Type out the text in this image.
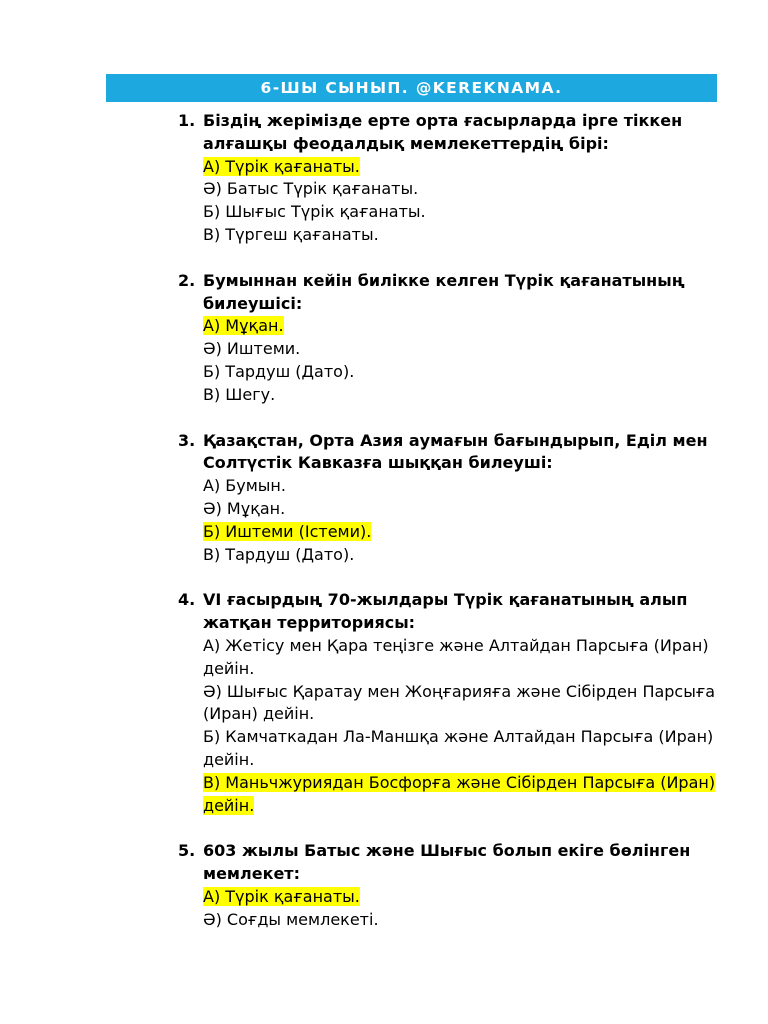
6-ШЫ СЫНЫП. @KEREKNAMA.
1. Біздің жерімізде ерте орта ғасырларда ірге тіккен алғашқы феодалдық мемлекеттердің бірі:
А) Түрік қағанаты.
Ә) Батыс Түрік қағанаты.
Б) Шығыс Түрік қағанаты.
В) Түргеш қағанаты.
2. Бумыннан кейін билікке келген Түрік қағанатының билеушісі:
А) Мұқан.
Ә) Иштеми.
Б) Тардуш (Дато).
В) Шегу.
3. Қазақстан, Орта Азия аумағын бағындырып, Еділ мен Солтүстік Кавказға шыққан билеуші:
А) Бумын.
Ә) Мұқан.
Б) Иштеми (Істеми).
В) Тардуш (Дато).
4. VI ғасырдың 70-жылдары Түрік қағанатының алып жатқан территориясы:
А) Жетісу мен Қара теңізге және Алтайдан Парсыға (Иран) дейін.
Ә) Шығыс Қаратау мен Жоңғарияға және Сібірден Парсыға (Иран) дейін.
Б) Камчаткадан Ла-Маншқа және Алтайдан Парсыға (Иран) дейін.
В) Маньчжуриядан Босфорға және Сібірден Парсыға (Иран) дейін.
5. 603 жылы Батыс және Шығыс болып екіге бөлінген мемлекет:
А) Түрік қағанаты.
Ә) Соғды мемлекеті.
